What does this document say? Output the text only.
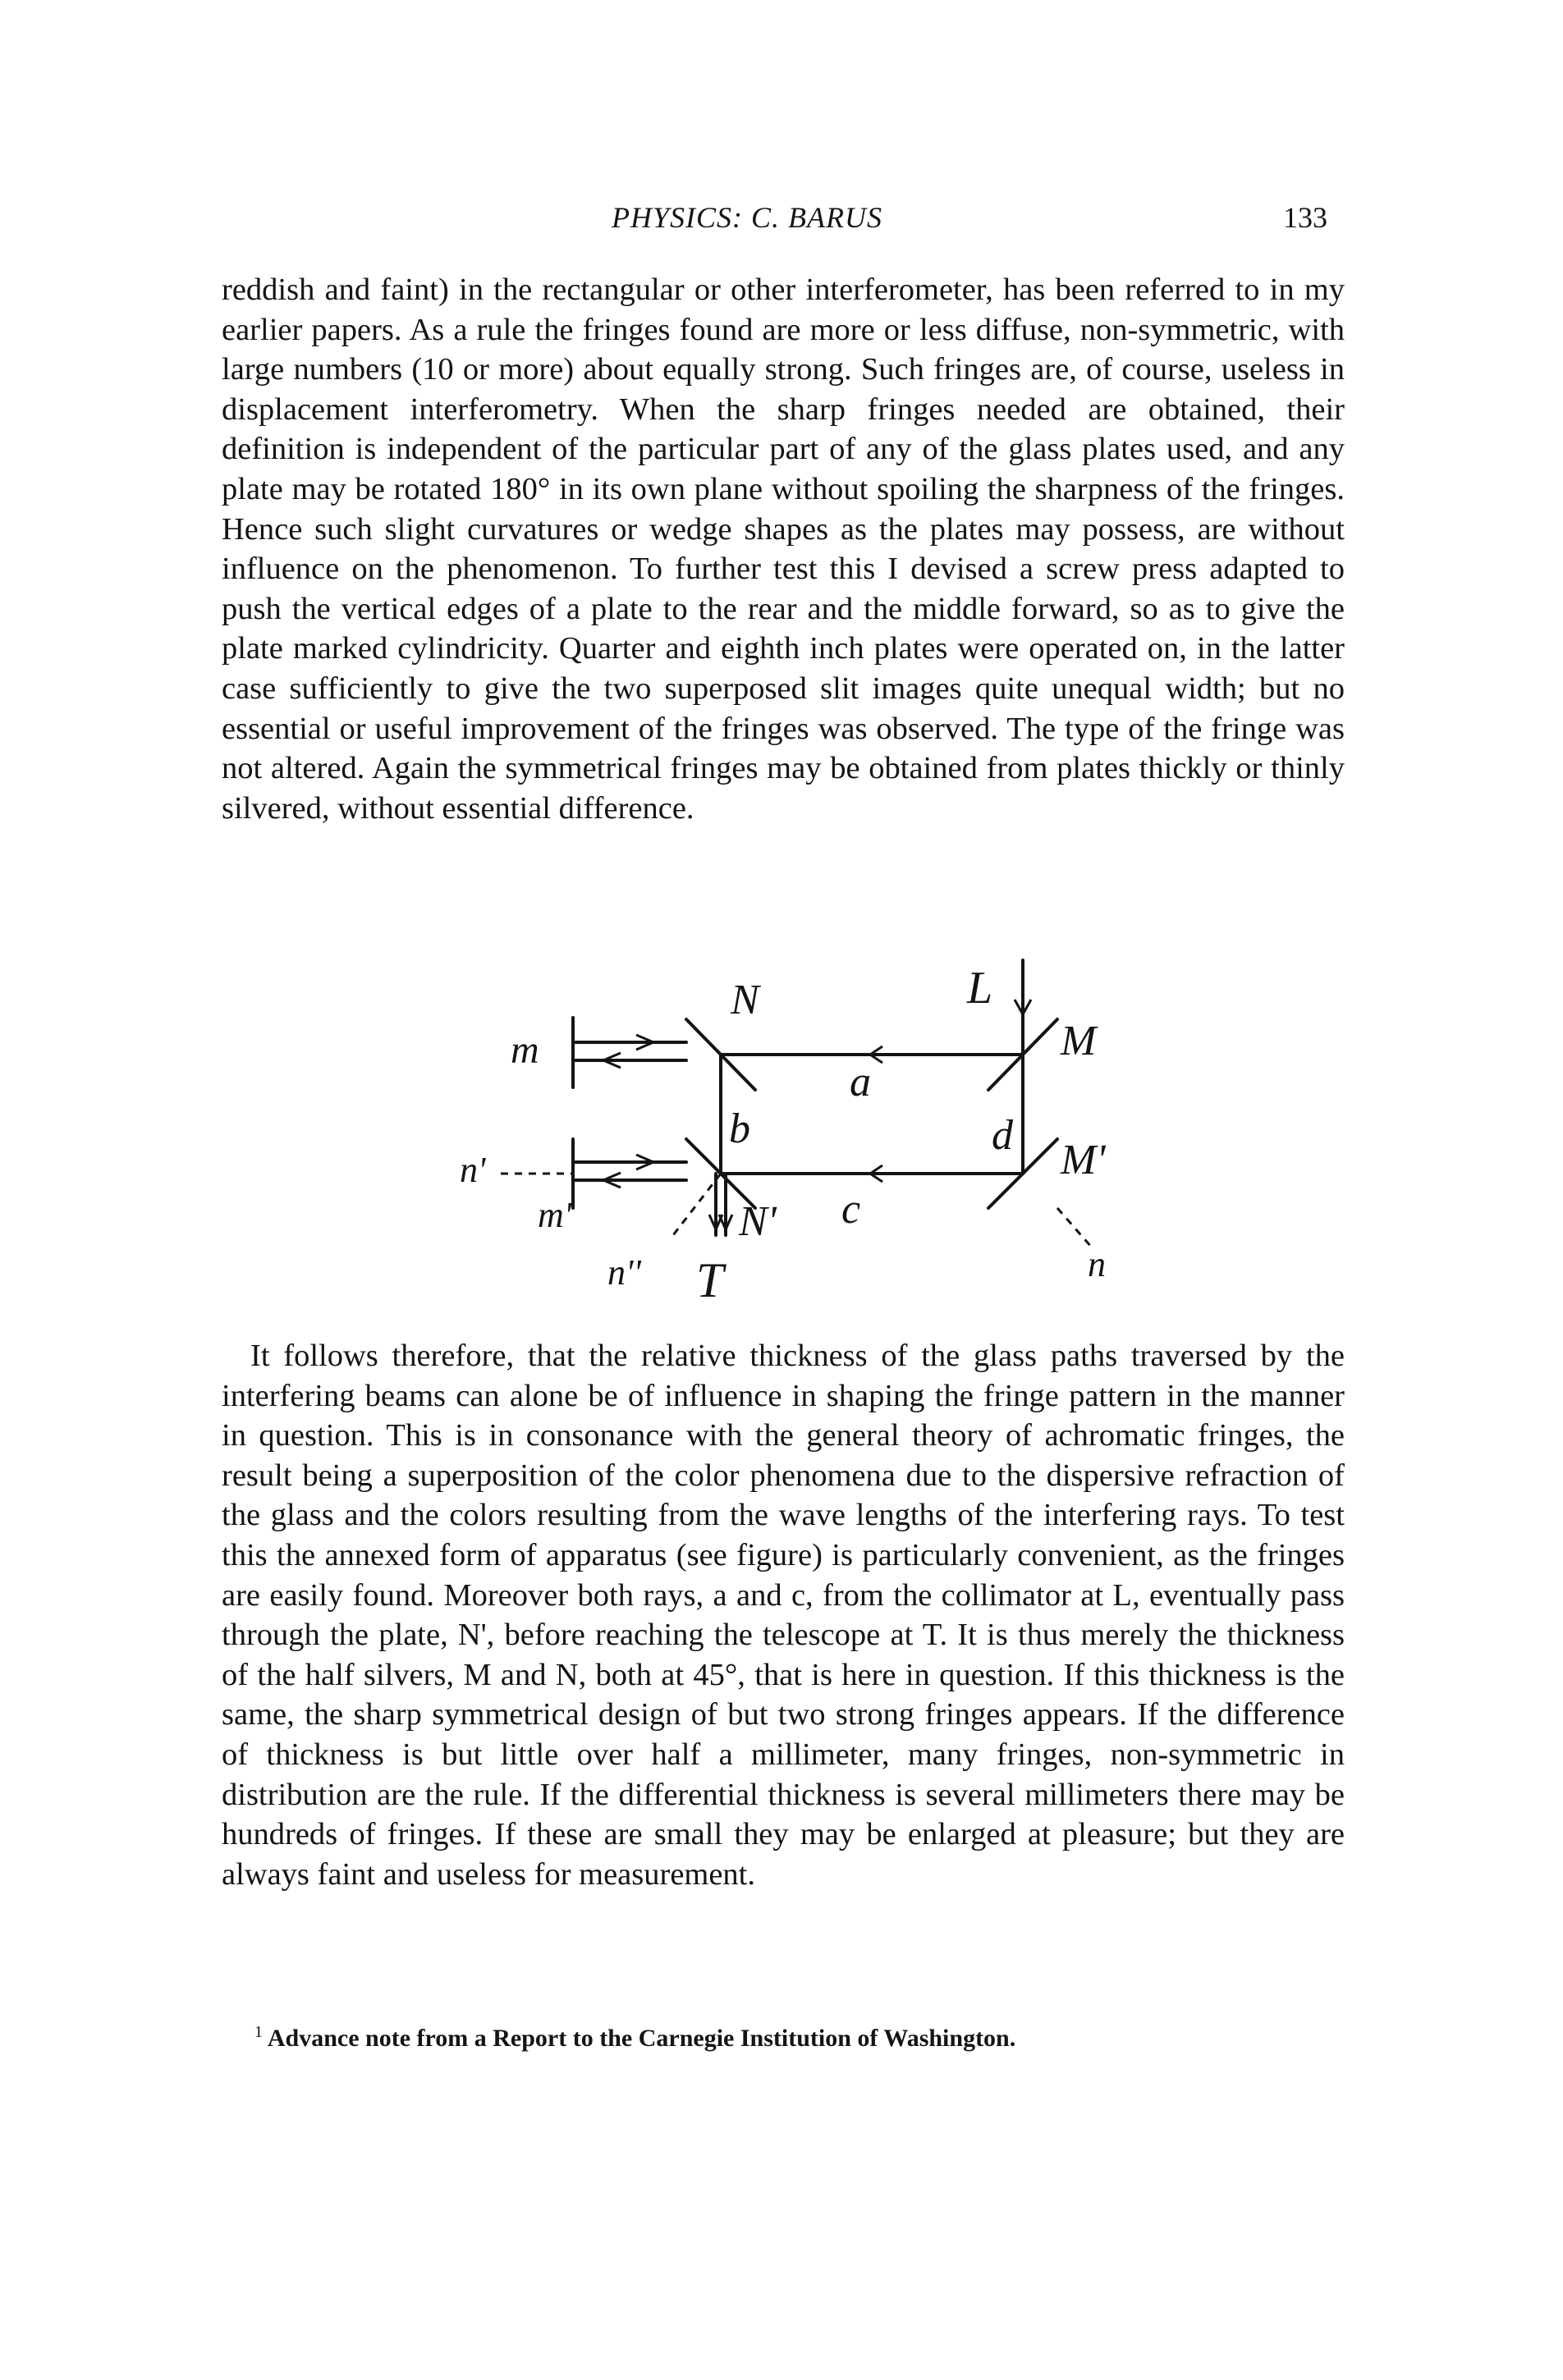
PHYSICS: C. BARUS	133

reddish and faint) in the rectangular or other interferometer, has been referred to in my earlier papers. As a rule the fringes found are more or less diffuse, non-symmetric, with large numbers (10 or more) about equally strong. Such fringes are, of course, useless in displacement interferometry. When the sharp fringes needed are obtained, their definition is independent of the particular part of any of the glass plates used, and any plate may be rotated 180° in its own plane without spoiling the sharpness of the fringes. Hence such slight curvatures or wedge shapes as the plates may possess, are without influence on the phenomenon. To further test this I devised a screw press adapted to push the vertical edges of a plate to the rear and the middle forward, so as to give the plate marked cylindricity. Quarter and eighth inch plates were operated on, in the latter case sufficiently to give the two superposed slit images quite unequal width; but no essential or useful improvement of the fringes was observed. The type of the fringe was not altered. Again the symmetrical fringes may be obtained from plates thickly or thinly silvered, without essential difference.

L
M
M'
N
N'
a
b
c
d
m
m'
n'
n
n'' T

It follows therefore, that the relative thickness of the glass paths traversed by the interfering beams can alone be of influence in shaping the fringe pattern in the manner in question. This is in consonance with the general theory of achromatic fringes, the result being a superposition of the color phenomena due to the dispersive refraction of the glass and the colors resulting from the wave lengths of the interfering rays. To test this the annexed form of apparatus (see figure) is particularly convenient, as the fringes are easily found. Moreover both rays, a and c, from the collimator at L, eventually pass through the plate, N', before reaching the telescope at T. It is thus merely the thickness of the half silvers, M and N, both at 45°, that is here in question. If this thickness is the same, the sharp symmetrical design of but two strong fringes appears. If the difference of thickness is but little over half a millimeter, many fringes, non-symmetric in distribution are the rule. If the differential thickness is several millimeters there may be hundreds of fringes. If these are small they may be enlarged at pleasure; but they are always faint and useless for measurement.

$^1$ Advance note from a Report to the Carnegie Institution of Washington.
